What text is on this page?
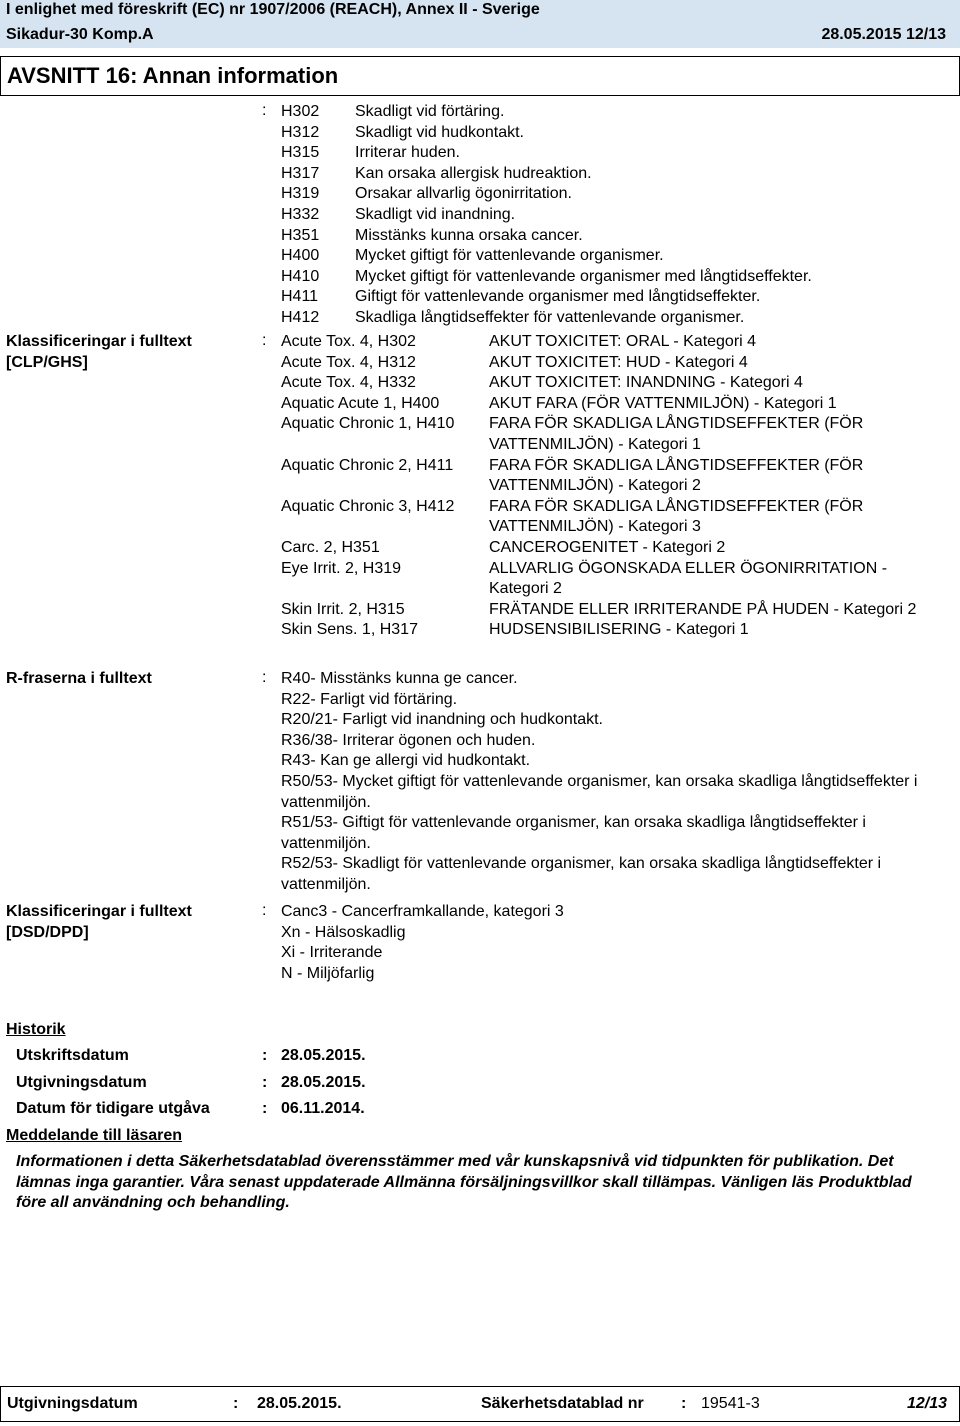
I enlighet med föreskrift (EC) nr 1907/2006 (REACH), Annex II - Sverige
Sikadur-30 Komp.A	28.05.2015 12/13
AVSNITT 16: Annan information
: H302	Skadligt vid förtäring.
H312	Skadligt vid hudkontakt.
H315	Irriterar huden.
H317	Kan orsaka allergisk hudreaktion.
H319	Orsakar allvarlig ögonirritation.
H332	Skadligt vid inandning.
H351	Misstänks kunna orsaka cancer.
H400	Mycket giftigt för vattenlevande organismer.
H410	Mycket giftigt för vattenlevande organismer med långtidseffekter.
H411	Giftigt för vattenlevande organismer med långtidseffekter.
H412	Skadliga långtidseffekter för vattenlevande organismer.
Klassificeringar i fulltext [CLP/GHS]
: Acute Tox. 4, H302	AKUT TOXICITET: ORAL - Kategori 4
Acute Tox. 4, H312	AKUT TOXICITET: HUD - Kategori 4
Acute Tox. 4, H332	AKUT TOXICITET: INANDNING - Kategori 4
Aquatic Acute 1, H400	AKUT FARA (FÖR VATTENMILJÖN) - Kategori 1
Aquatic Chronic 1, H410	FARA FÖR SKADLIGA LÅNGTIDSEFFEKTER (FÖR VATTENMILJÖN) - Kategori 1
Aquatic Chronic 2, H411	FARA FÖR SKADLIGA LÅNGTIDSEFFEKTER (FÖR VATTENMILJÖN) - Kategori 2
Aquatic Chronic 3, H412	FARA FÖR SKADLIGA LÅNGTIDSEFFEKTER (FÖR VATTENMILJÖN) - Kategori 3
Carc. 2, H351	CANCEROGENITET - Kategori 2
Eye Irrit. 2, H319	ALLVARLIG ÖGONSKADA ELLER ÖGONIRRITATION - Kategori 2
Skin Irrit. 2, H315	FRÄTANDE ELLER IRRITERANDE PÅ HUDEN - Kategori 2
Skin Sens. 1, H317	HUDSENSIBILISERING - Kategori 1
R-fraserna i fulltext	: R40- Misstänks kunna ge cancer.
R22- Farligt vid förtäring.
R20/21- Farligt vid inandning och hudkontakt.
R36/38- Irriterar ögonen och huden.
R43- Kan ge allergi vid hudkontakt.
R50/53- Mycket giftigt för vattenlevande organismer, kan orsaka skadliga långtidseffekter i vattenmiljön.
R51/53- Giftigt för vattenlevande organismer, kan orsaka skadliga långtidseffekter i vattenmiljön.
R52/53- Skadligt för vattenlevande organismer, kan orsaka skadliga långtidseffekter i vattenmiljön.
Klassificeringar i fulltext [DSD/DPD]
: Canc3 - Cancerframkallande, kategori 3
Xn - Hälsoskadlig
Xi - Irriterande
N - Miljöfarlig
Historik
Utskriftsdatum	:	28.05.2015.
Utgivningsdatum	:	28.05.2015.
Datum för tidigare utgåva	:	06.11.2014.
Meddelande till läsaren
Informationen i detta Säkerhetsdatablad överensstämmer med vår kunskapsnivå vid tidpunkten för publikation. Det lämnas inga garantier. Våra senast uppdaterade Allmänna försäljningsvillkor skall tillämpas. Vänligen läs Produktblad före all användning och behandling.
Utgivningsdatum	: 28.05.2015.	Säkerhetsdatablad nr : 19541-3	12/13
